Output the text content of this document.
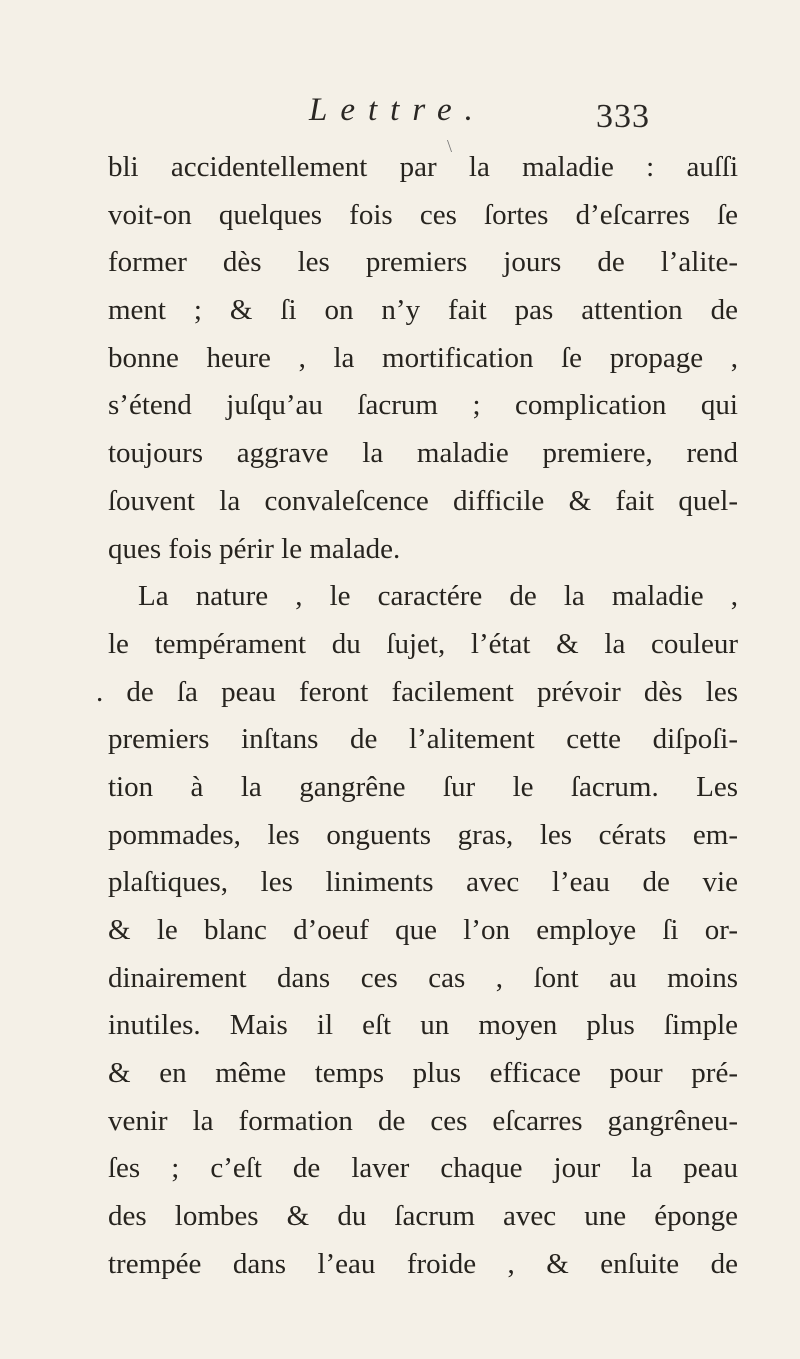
\
Lettre.	333
bli accidentellement par la maladie : auſſi
voit-on quelques fois ces ſortes d’eſcarres ſe
former dès les premiers jours de l’alite-
ment ; & ſi on n’y fait pas attention de
bonne heure , la mortification ſe propage ,
s’étend juſqu’au ſacrum ; complication qui
toujours aggrave la maladie premiere, rend
ſouvent la convaleſcence difficile & fait quel-
ques fois périr le malade.
La nature , le caractére de la maladie ,
le tempérament du ſujet, l’état & la couleur
. de ſa peau feront facilement prévoir dès les
premiers inſtans de l’alitement cette diſpoſi-
tion à la gangrêne ſur le ſacrum. Les
pommades, les onguents gras, les cérats em-
plaſtiques, les liniments avec l’eau de vie
& le blanc d’oeuf que l’on employe ſi or-
dinairement dans ces cas , ſont au moins
inutiles. Mais il eſt un moyen plus ſimple
& en même temps plus efficace pour pré-
venir la formation de ces eſcarres gangrêneu-
ſes ; c’eſt de laver chaque jour la peau
des lombes & du ſacrum avec une éponge
trempée dans l’eau froide , & enſuite de
